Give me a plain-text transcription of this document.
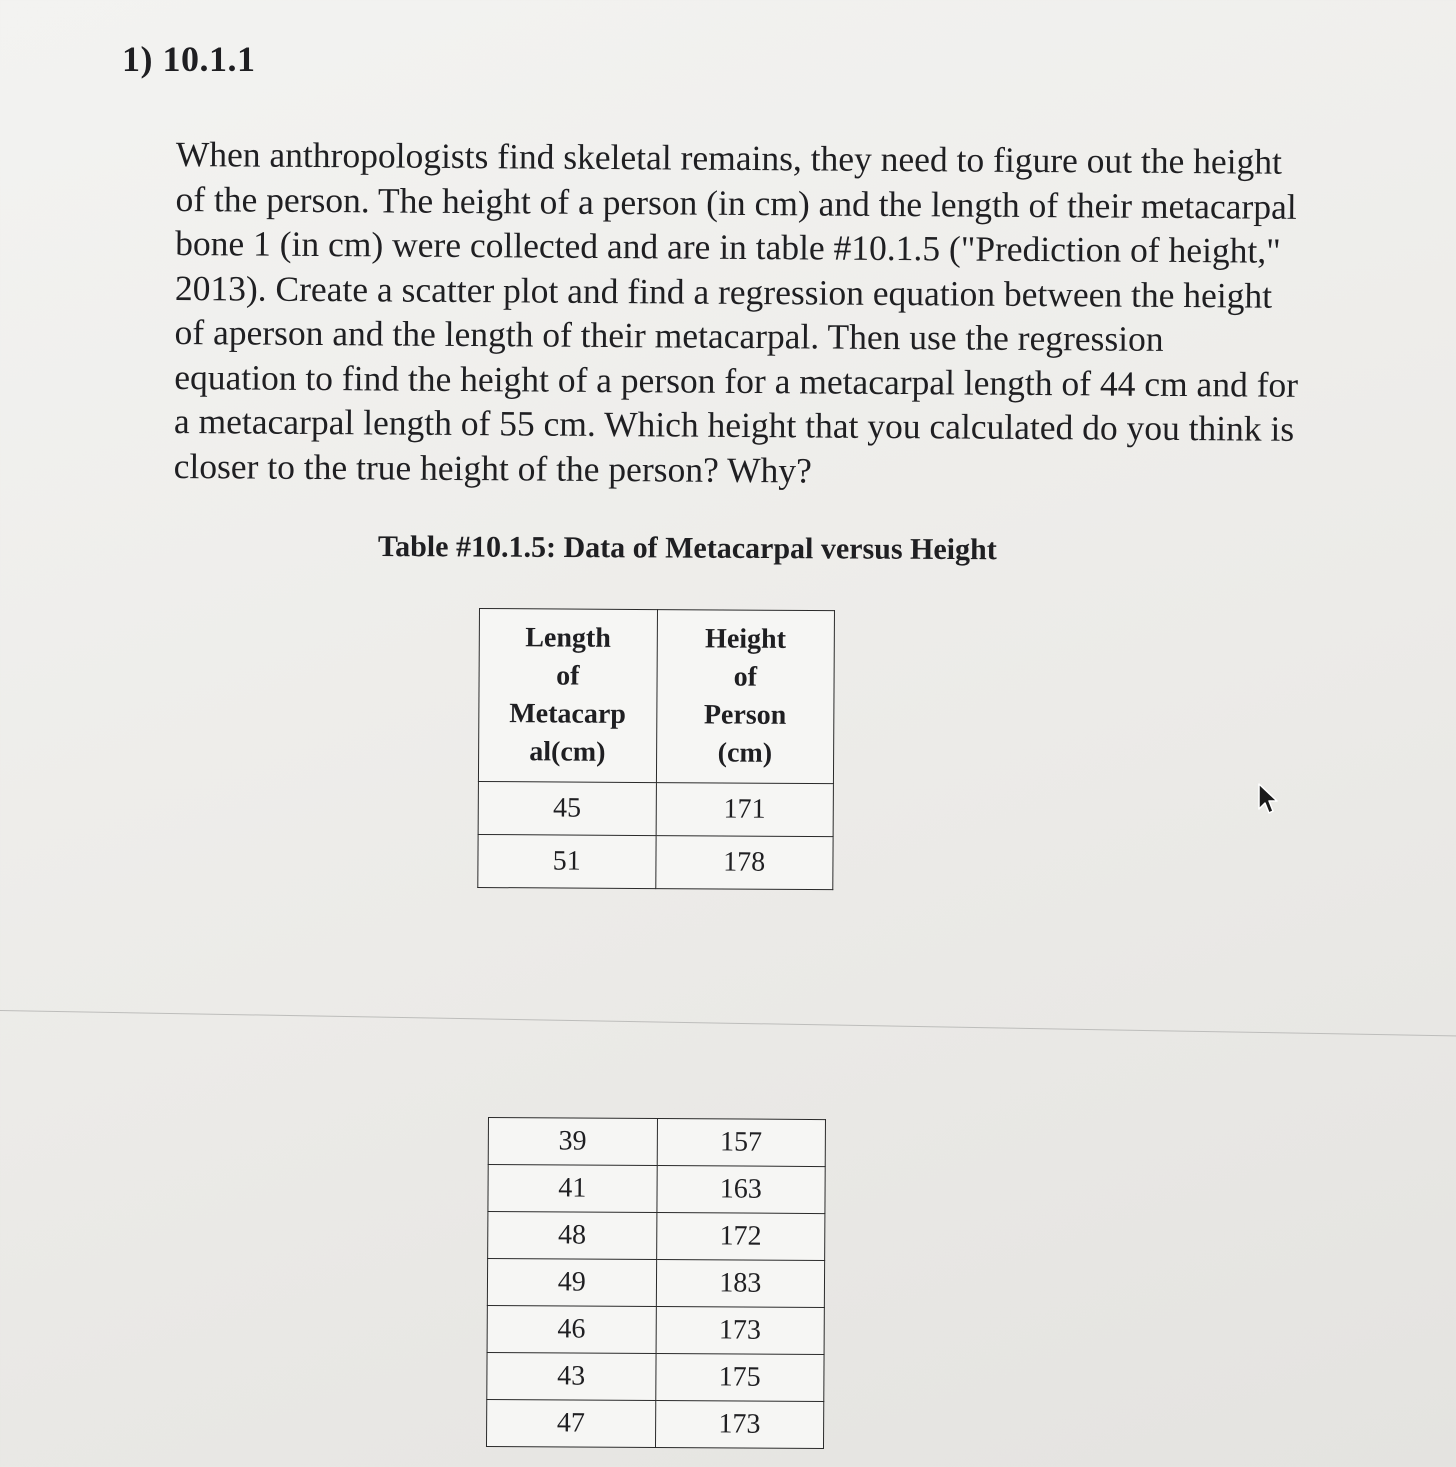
1) 10.1.1
When anthropologists find skeletal remains, they need to figure out the height
of the person. The height of a person (in cm) and the length of their metacarpal
bone 1 (in cm) were collected and are in table #10.1.5 ("Prediction of height,"
2013). Create a scatter plot and find a regression equation between the height
of aperson and the length of their metacarpal. Then use the regression
equation to find the height of a person for a metacarpal length of 44 cm and for
a metacarpal length of 55 cm. Which height that you calculated do you think is
closer to the true height of the person? Why?
Table #10.1.5: Data of Metacarpal versus Height
Length
of
Metacarp
al(cm)	Height
of
Person
(cm)
45	171
51	178
39	157
41	163
48	172
49	183
46	173
43	175
47	173
